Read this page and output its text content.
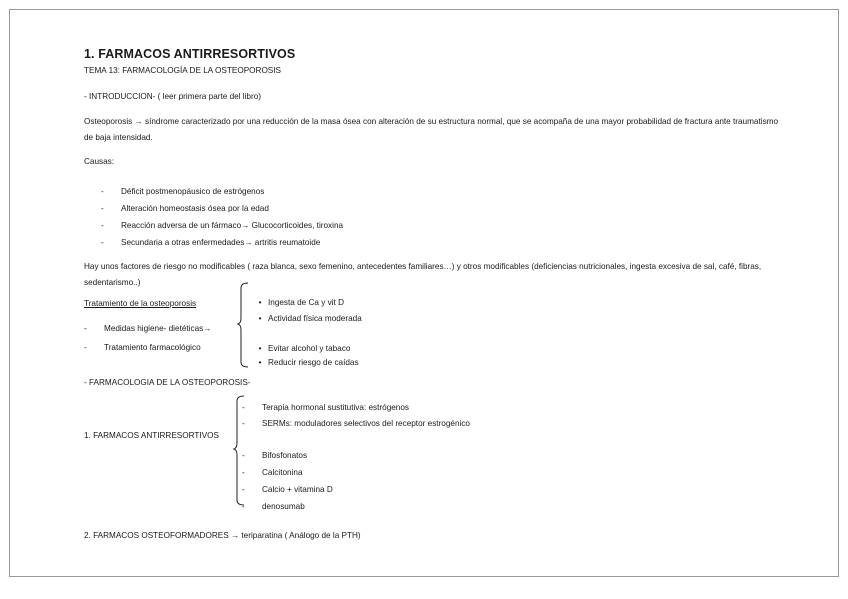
1. FARMACOS ANTIRRESORTIVOS
TEMA 13: FARMACOLOGÍA DE LA OSTEOPOROSIS
- INTRODUCCION- ( leer primera parte del libro)
Osteoporosis → síndrome caracterizado por una reducción de la masa ósea con alteración de su estructura normal, que se acompaña de una mayor probabilidad de fractura ante traumatismo de baja intensidad.
Causas:
- Déficit postmenopáusico de estrógenos
- Alteración homeostasis ósea por la edad
- Reacción adversa de un fármaco→ Glucocorticoides, tiroxina
- Secundaria a otras enfermedades→ artritis reumatoide
Hay unos factores de riesgo no modificables ( raza blanca, sexo femenino, antecedentes familiares…) y otros modificables (deficiencias nutricionales, ingesta excesiva de sal, café, fibras, sedentarismo..)
Tratamiento de la osteoporosis
- Medidas higiene- dietéticas→
- Tratamiento farmacológico
• Ingesta de Ca y vit D
• Actividad física moderada
• Evitar alcohol y tabaco
• Reducir riesgo de caídas
- FARMACOLOGIA DE LA OSTEOPOROSIS-
1. FARMACOS ANTIRRESORTIVOS
- Terapia hormonal sustitutiva: estrógenos
-	SERMs: moduladores selectivos del receptor estrogénico
- Bifosfonatos
- Calcitonina
- Calcio + vitamina D
- denosumab
2. FARMACOS OSTEOFORMADORES → teriparatina ( Análogo de la PTH)
